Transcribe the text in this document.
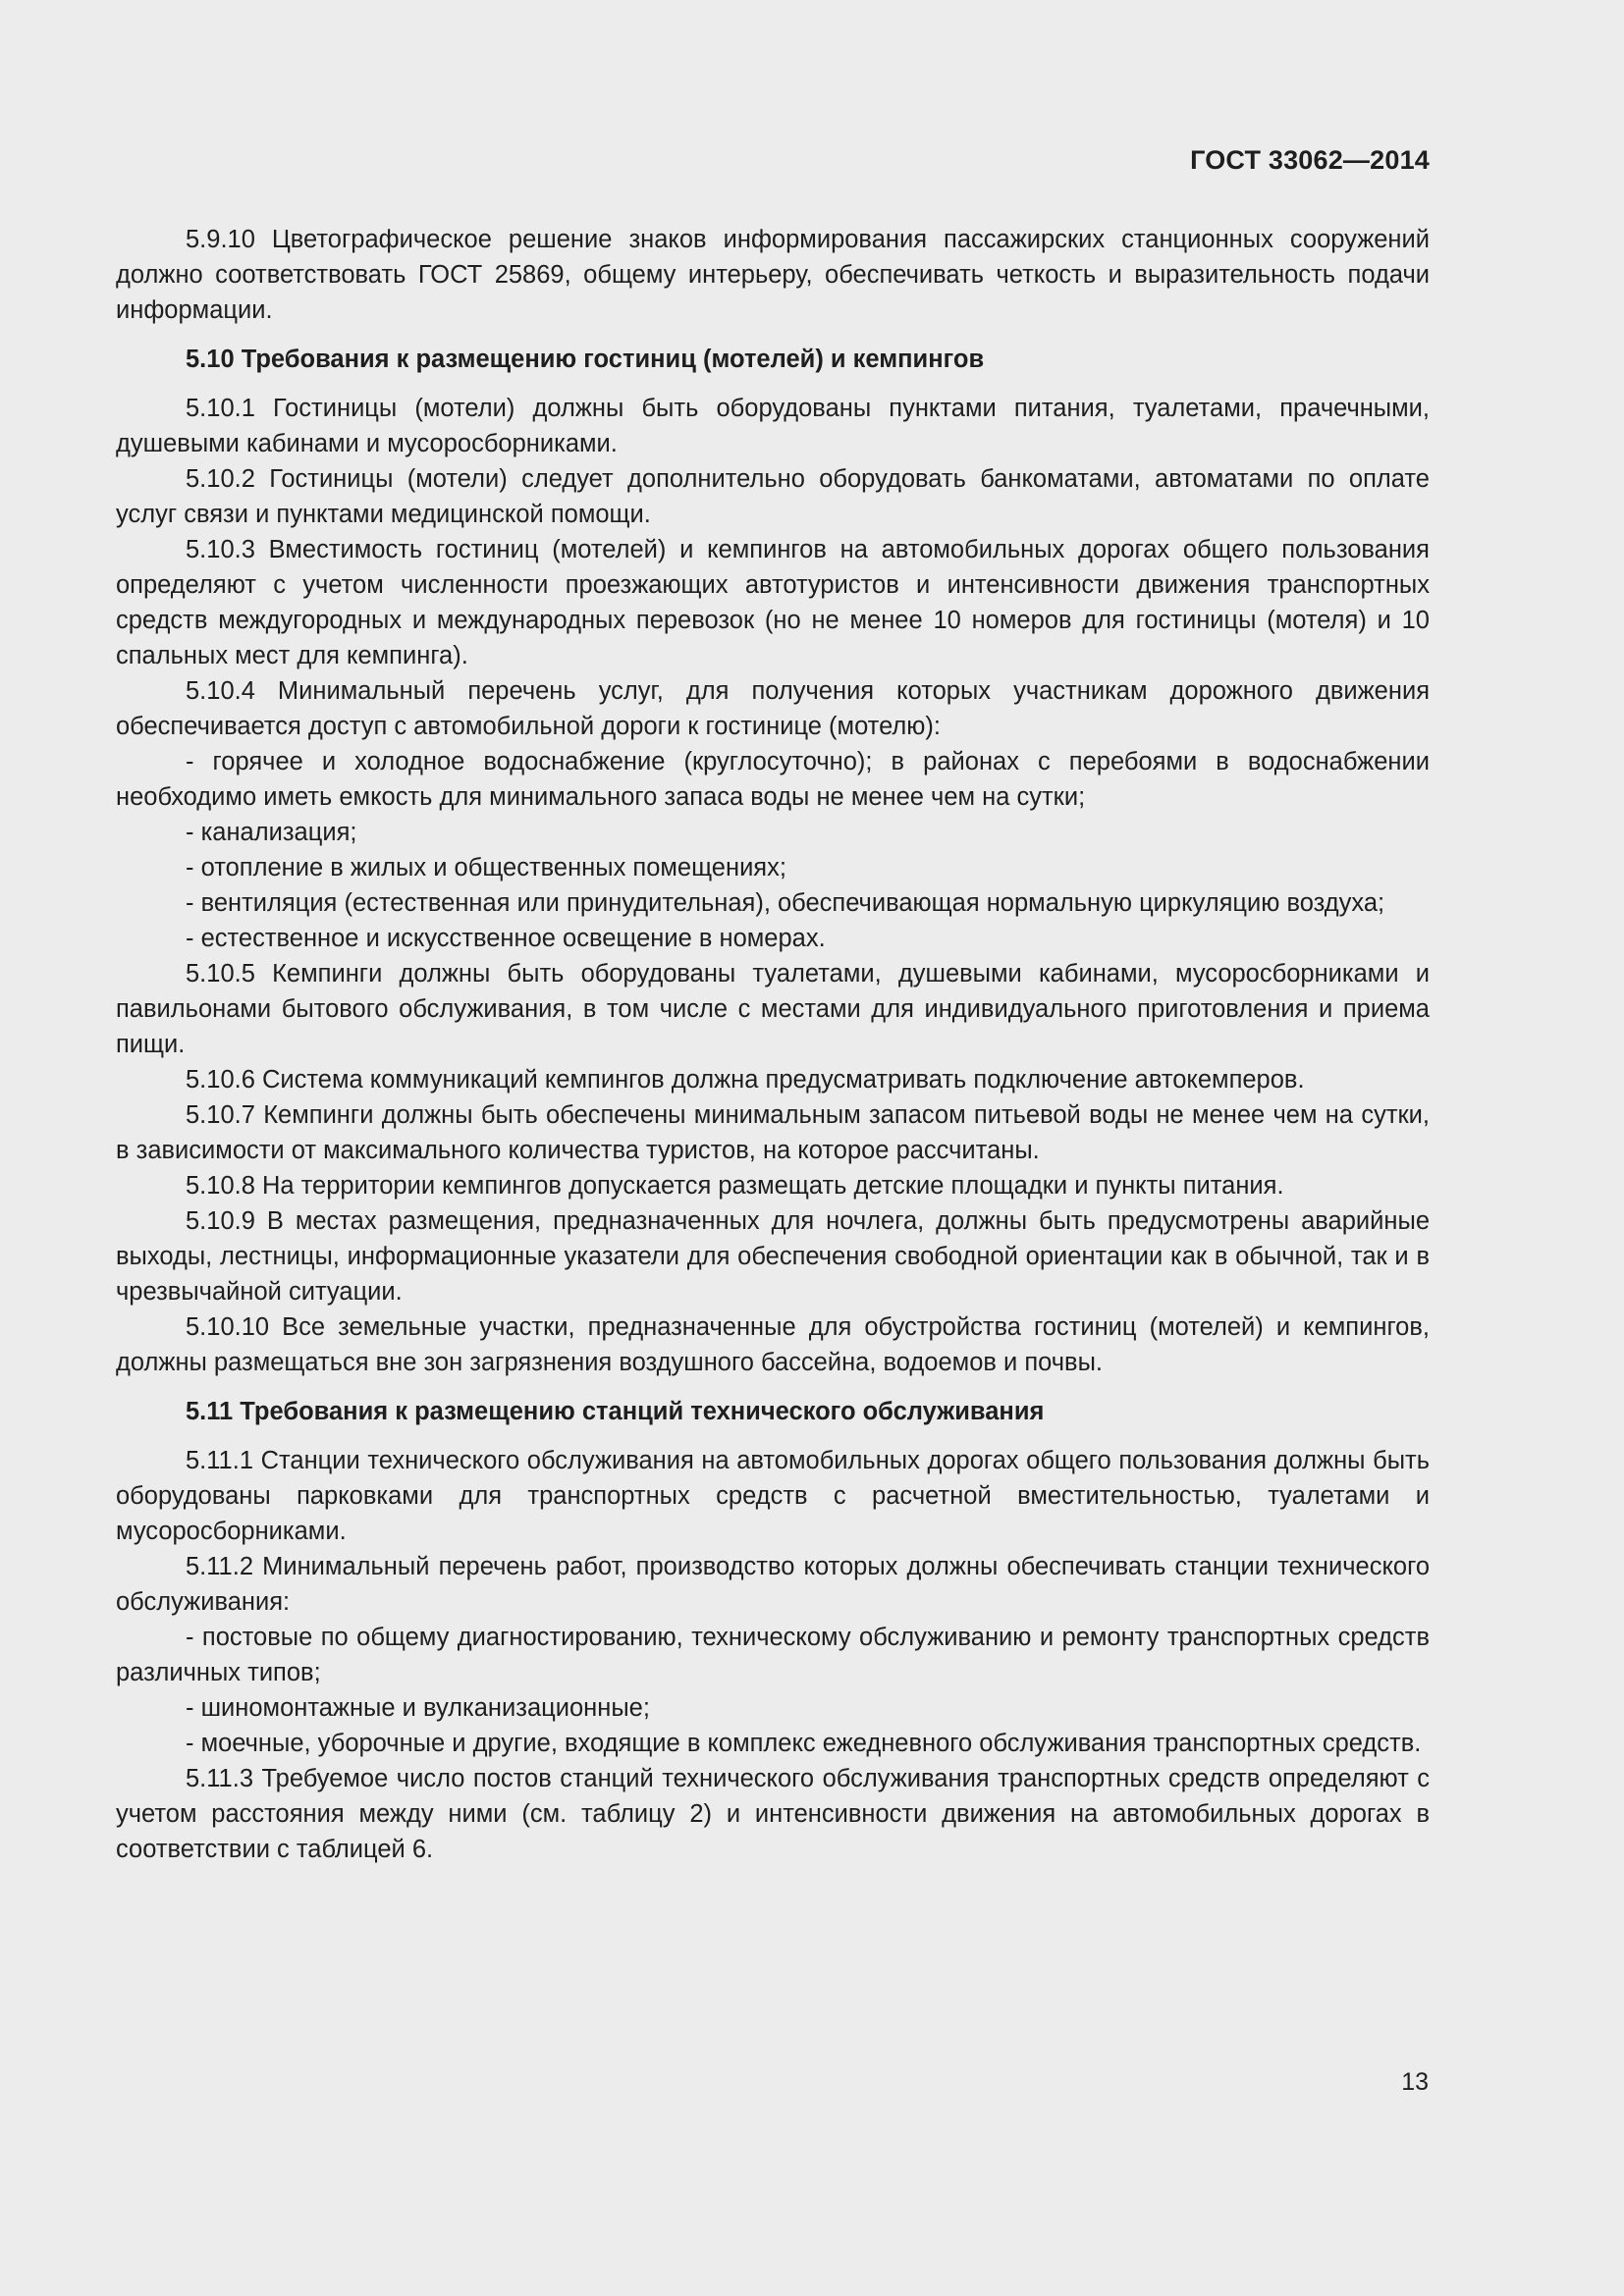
ГОСТ 33062—2014

5.9.10 Цветографическое решение знаков информирования пассажирских станционных сооружений должно соответствовать ГОСТ 25869, общему интерьеру, обеспечивать четкость и выразительность подачи информации.

5.10 Требования к размещению гостиниц (мотелей) и кемпингов

5.10.1 Гостиницы (мотели) должны быть оборудованы пунктами питания, туалетами, прачечными, душевыми кабинами и мусоросборниками.

5.10.2 Гостиницы (мотели) следует дополнительно оборудовать банкоматами, автоматами по оплате услуг связи и пунктами медицинской помощи.

5.10.3 Вместимость гостиниц (мотелей) и кемпингов на автомобильных дорогах общего пользования определяют с учетом численности проезжающих автотуристов и интенсивности движения транспортных средств междугородных и международных перевозок (но не менее 10 номеров для гостиницы (мотеля) и 10 спальных мест для кемпинга).

5.10.4 Минимальный перечень услуг, для получения которых участникам дорожного движения обеспечивается доступ с автомобильной дороги к гостинице (мотелю):

- горячее и холодное водоснабжение (круглосуточно); в районах с перебоями в водоснабжении необходимо иметь емкость для минимального запаса воды не менее чем на сутки;

- канализация;

- отопление в жилых и общественных помещениях;

- вентиляция (естественная или принудительная), обеспечивающая нормальную циркуляцию воздуха;

- естественное и искусственное освещение в номерах.

5.10.5 Кемпинги должны быть оборудованы туалетами, душевыми кабинами, мусоросборниками и павильонами бытового обслуживания, в том числе с местами для индивидуального приготовления и приема пищи.

5.10.6 Система коммуникаций кемпингов должна предусматривать подключение автокемперов.

5.10.7 Кемпинги должны быть обеспечены минимальным запасом питьевой воды не менее чем на сутки, в зависимости от максимального количества туристов, на которое рассчитаны.

5.10.8 На территории кемпингов допускается размещать детские площадки и пункты питания.

5.10.9 В местах размещения, предназначенных для ночлега, должны быть предусмотрены аварийные выходы, лестницы, информационные указатели для обеспечения свободной ориентации как в обычной, так и в чрезвычайной ситуации.

5.10.10 Все земельные участки, предназначенные для обустройства гостиниц (мотелей) и кемпингов, должны размещаться вне зон загрязнения воздушного бассейна, водоемов и почвы.

5.11 Требования к размещению станций технического обслуживания

5.11.1 Станции технического обслуживания на автомобильных дорогах общего пользования должны быть оборудованы парковками для транспортных средств с расчетной вместительностью, туалетами и мусоросборниками.

5.11.2 Минимальный перечень работ, производство которых должны обеспечивать станции технического обслуживания:

- постовые по общему диагностированию, техническому обслуживанию и ремонту транспортных средств различных типов;

- шиномонтажные и вулканизационные;

- моечные, уборочные и другие, входящие в комплекс ежедневного обслуживания транспортных средств.

5.11.3 Требуемое число постов станций технического обслуживания транспортных средств определяют с учетом расстояния между ними (см. таблицу 2) и интенсивности движения на автомобильных дорогах в соответствии с таблицей 6.

13
